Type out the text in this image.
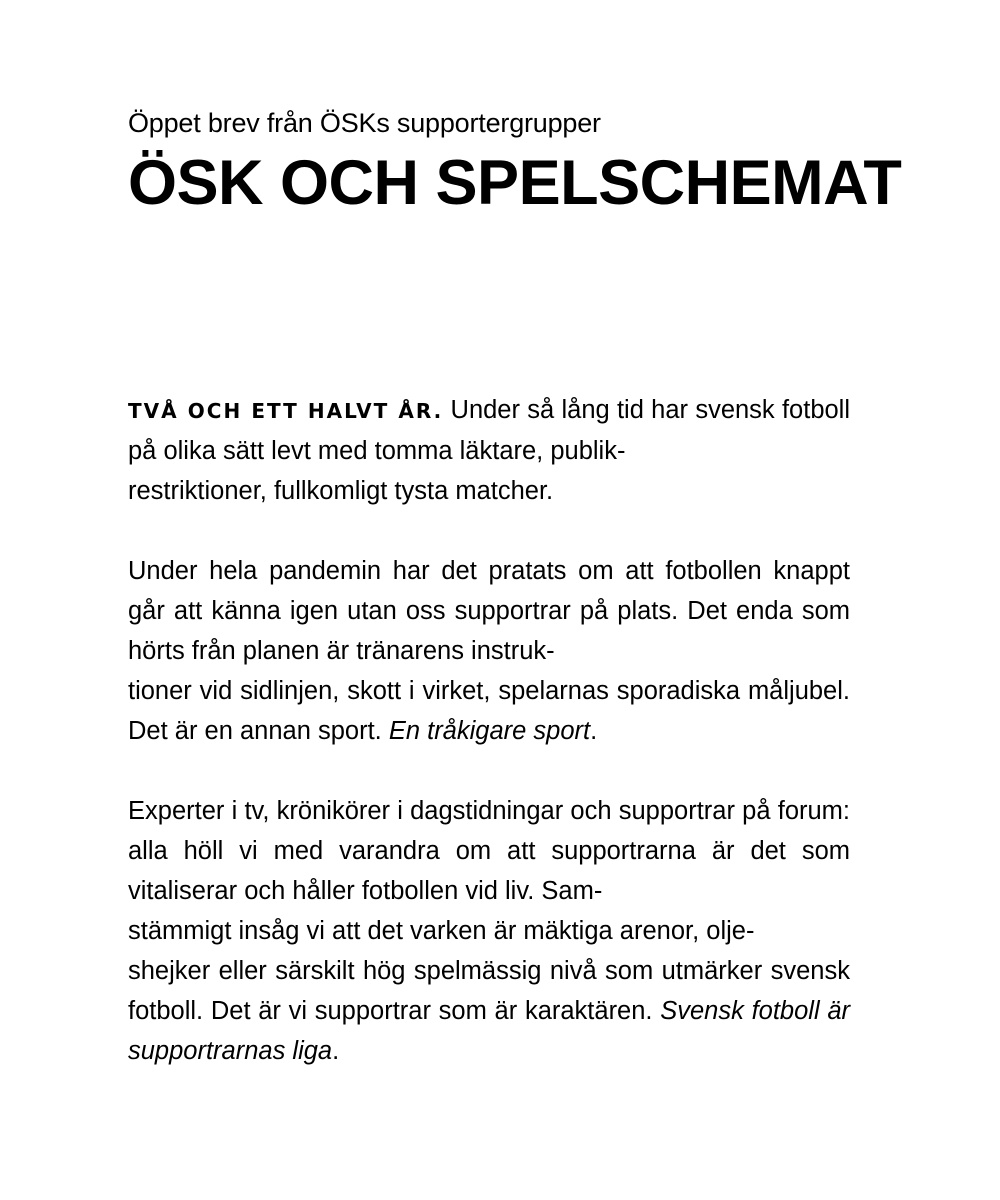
Öppet brev från ÖSKs supportergrupper
ÖSK OCH SPELSCHEMAT

TVÅ OCH ETT HALVT ÅR. Under så lång tid har svensk fotboll på olika sätt levt med tomma läktare, publik-
restriktioner, fullkomligt tysta matcher.

Under hela pandemin har det pratats om att fotbollen knappt går att känna igen utan oss supportrar på plats. Det enda som hörts från planen är tränarens instruk-
tioner vid sidlinjen, skott i virket, spelarnas sporadiska måljubel. Det är en annan sport. En tråkigare sport.

Experter i tv, krönikörer i dagstidningar och supportrar på forum: alla höll vi med varandra om att supportrarna är det som vitaliserar och håller fotbollen vid liv. Sam-
stämmigt insåg vi att det varken är mäktiga arenor, olje-
shejker eller särskilt hög spelmässig nivå som utmärker svensk fotboll. Det är vi supportrar som är karaktären. Svensk fotboll är supportrarnas liga.
